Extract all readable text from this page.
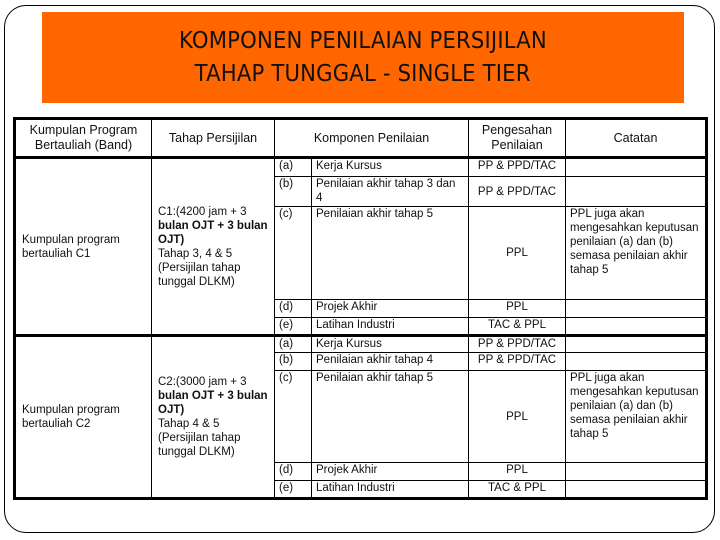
KOMPONEN PENILAIAN PERSIJILAN
TAHAP TUNGGAL - SINGLE TIER
Kumpulan Program Bertauliah (Band)	Tahap Persijilan	Komponen Penilaian		Pengesahan Penilaian	Catatan
Kumpulan program bertauliah C1	C1:(4200 jam + 3
bulan OJT + 3 bulan OJT)
Tahap 3, 4 & 5 (Persijilan tahap tunggal DLKM)	(a)	Kerja Kursus	PP & PPD/TAC	
		(b)	Penilaian akhir tahap 3 dan 4	PP & PPD/TAC	
		(c)	Penilaian akhir tahap 5	PPL	PPL juga akan mengesahkan keputusan penilaian (a) dan (b) semasa penilaian akhir tahap 5
		(d)	Projek Akhir	PPL	
		(e)	Latihan Industri	TAC & PPL	
Kumpulan program bertauliah C2	C2:(3000 jam + 3
bulan OJT + 3 bulan OJT)
Tahap 4 & 5 (Persijilan tahap tunggal DLKM)	(a)	Kerja Kursus	PP & PPD/TAC	
		(b)	Penilaian akhir tahap 4	PP & PPD/TAC	
		(c)	Penilaian akhir tahap 5	PPL	PPL juga akan mengesahkan keputusan penilaian (a) dan (b) semasa penilaian akhir tahap 5
		(d)	Projek Akhir	PPL	
		(e)	Latihan Industri	TAC & PPL	
